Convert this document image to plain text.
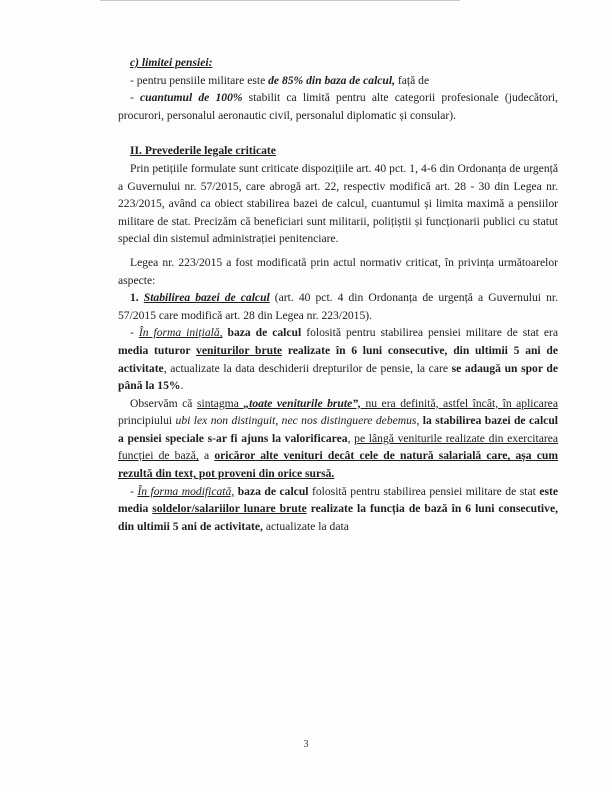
c) limitei pensiei:

- pentru pensiile militare este de 85% din baza de calcul, față de

- cuantumul de 100% stabilit ca limită pentru alte categorii profesionale (judecători, procurori, personalul aeronautic civil, personalul diplomatic și consular).

II. Prevederile legale criticate

Prin petițiile formulate sunt criticate dispozițiile art. 40 pct. 1, 4-6 din Ordonanța de urgență a Guvernului nr. 57/2015, care abrogă art. 22, respectiv modifică art. 28 - 30 din Legea nr. 223/2015, având ca obiect stabilirea bazei de calcul, cuantumul și limita maximă a pensiilor militare de stat. Precizăm că beneficiari sunt militarii, polițiștii și funcționarii publici cu statut special din sistemul administrației penitenciare.

Legea nr. 223/2015 a fost modificată prin actul normativ criticat, în privința următoarelor aspecte:

1. Stabilirea bazei de calcul (art. 40 pct. 4 din Ordonanța de urgență a Guvernului nr. 57/2015 care modifică art. 28 din Legea nr. 223/2015).

- În forma inițială, baza de calcul folosită pentru stabilirea pensiei militare de stat era media tuturor veniturilor brute realizate în 6 luni consecutive, din ultimii 5 ani de activitate, actualizate la data deschiderii drepturilor de pensie, la care se adaugă un spor de până la 15%.

Observăm că sintagma „toate veniturile brute”, nu era definită, astfel încât, în aplicarea principiului ubi lex non distinguit, nec nos distinguere debemus, la stabilirea bazei de calcul a pensiei speciale s-ar fi ajuns la valorificarea, pe lângă veniturile realizate din exercitarea funcției de bază, a oricăror alte venituri decât cele de natură salarială care, așa cum rezultă din text, pot proveni din orice sursă.

- În forma modificată, baza de calcul folosită pentru stabilirea pensiei militare de stat este media soldelor/salariilor lunare brute realizate la funcția de bază în 6 luni consecutive, din ultimii 5 ani de activitate, actualizate la data

3
